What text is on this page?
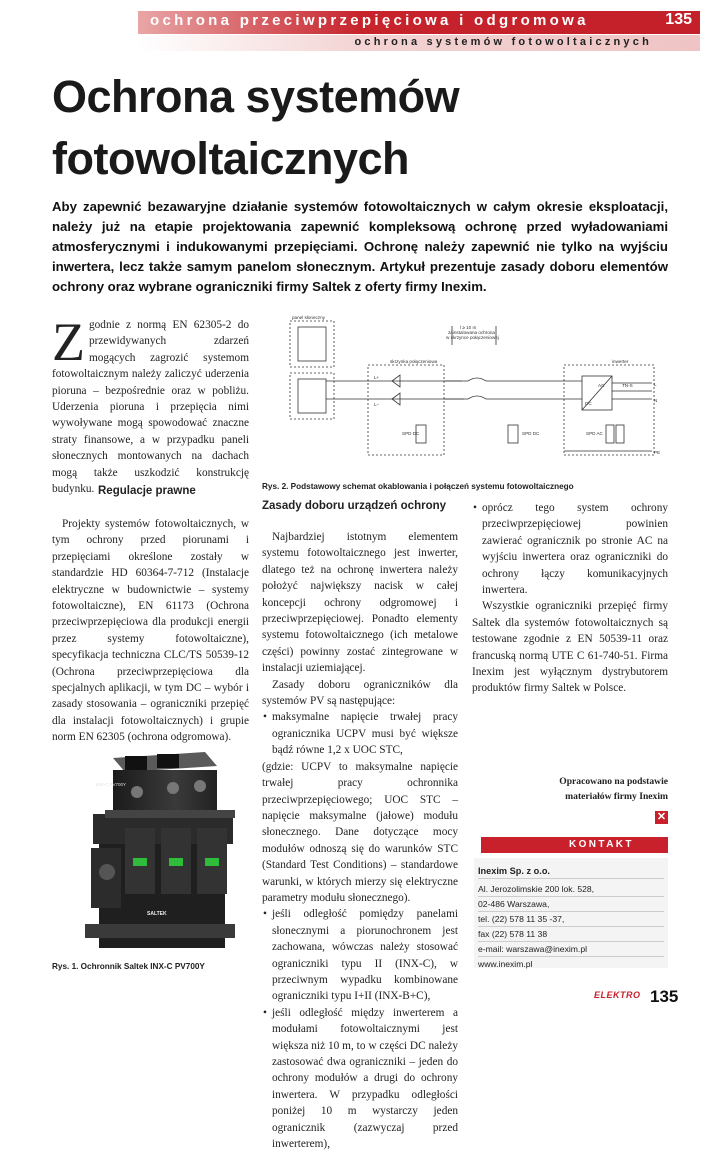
ochrona przeciwprzepięciowa i odgromowa	135
ochrona systemów fotowoltaicznych
Ochrona systemów
fotowoltaicznych
Aby zapewnić bezawaryjne działanie systemów fotowoltaicznych w całym okresie eksploatacji, należy już na etapie projektowania zapewnić kompleksową ochronę przed wyładowaniami atmosferycznymi i indukowanymi przepięciami. Ochronę należy zapewnić nie tylko na wyjściu inwertera, lecz także samym panelom słonecznym. Artykuł prezentuje zasady doboru elementów ochrony oraz wybrane ograniczniki firmy Saltek z oferty firmy Inexim.
Z godnie z normą EN 62305-2 do przewidywanych zdarzeń mogących zagrozić systemom fotowoltaicznym należy zaliczyć uderzenia pioruna – bezpośrednie oraz w pobliżu. Uderzenia pioruna i przepięcia nimi wywoływane mogą spowodować znaczne straty finansowe, a w przypadku paneli słonecznych montowanych na dachach mogą także uszkodzić konstrukcję budynku. Regulacje prawne
Projekty systemów fotowoltaicznych, w tym ochrony przed piorunami i przepięciami określone zostały w standardzie HD 60364-7-712 (Instalacje elektryczne w budownictwie – systemy fotowoltaiczne), EN 61173 (Ochrona przeciwprzepięciowa dla produkcji energii przez systemy fotowoltaiczne), specyfikacja techniczna CLC/TS 50539-12 (Ochrona przeciwprzepięciowa dla specjalnych aplikacji, w tym DC – wybór i zasady stosowania – ograniczniki przepięć dla instalacji fotowoltaicznych) i grupie norm EN 62305 (ochrona odgromowa).
INX-C PV700Y
SALTEK
Rys. 1. Ochronnik Saltek INX-C PV700Y
panel słoneczny
l ≥ 10 m
zainstalowana ochrona
w skrzynce połączeniowej
skrzynka połączeniowa	inwerter
SPD DC	SPD DC	SPD AC
AC
DC
TN-S	L
N
PE
L+
L−
Rys. 2. Podstawowy schemat okablowania i połączeń systemu fotowoltaicznego
Zasady doboru urządzeń ochrony

Najbardziej istotnym elementem systemu fotowoltaicznego jest inwerter, dlatego też na ochronę inwertera należy położyć największy nacisk w całej koncepcji ochrony odgromowej i przeciwprzepięciowej. Ponadto elementy systemu fotowoltaicznego (ich metalowe części) powinny zostać zintegrowane w instalacji uziemiającej.

Zasady doboru ograniczników dla systemów PV są następujące:

• maksymalne napięcie trwałej pracy ogranicznika UCPV musi być większe bądź równe 1,2 x UOC STC,

(gdzie: UCPV to maksymalne napięcie trwałej pracy ochronnika przeciwprzepięciowego; UOC STC – napięcie maksymalne (jałowe) modułu słonecznego. Dane dotyczące mocy modułów odnoszą się do warunków STC (Standard Test Conditions) – standardowe warunki, w których mierzy się elektryczne parametry modułu słonecznego).

• jeśli odległość pomiędzy panelami słonecznymi a piorunochronem jest zachowana, wówczas należy stosować ograniczniki typu II (INX-C), w przeciwnym wypadku kombinowane ograniczniki typu I+II (INX-B+C),
• jeśli odległość między inwerterem a modułami fotowoltaicznymi jest większa niż 10 m, to w części DC należy zastosować dwa ograniczniki – jeden do ochrony modułów a drugi do ochrony inwertera. W przypadku odległości poniżej 10 m wystarczy jeden ogranicznik (zazwyczaj przed inwerterem),
• oprócz tego system ochrony przeciwprzepięciowej powinien zawierać ogranicznik po stronie AC na wyjściu inwertera oraz ograniczniki do ochrony łączy komunikacyjnych inwertera.

Wszystkie ograniczniki przepięć firmy Saltek dla systemów fotowoltaicznych są testowane zgodnie z EN 50539-11 oraz francuską normą UTE C 61-740-51. Firma Inexim jest wyłącznym dystrybutorem produktów firmy Saltek w Polsce.

Opracowano na podstawie
materiałów firmy Inexim
✕
KONTAKT
Inexim Sp. z o.o.
Al. Jerozolimskie 200 lok. 528,
02-486 Warszawa,
tel. (22) 578 11 35 -37,
fax (22) 578 11 38
e-mail: warszawa@inexim.pl
www.inexim.pl
ELEKTRO 135
